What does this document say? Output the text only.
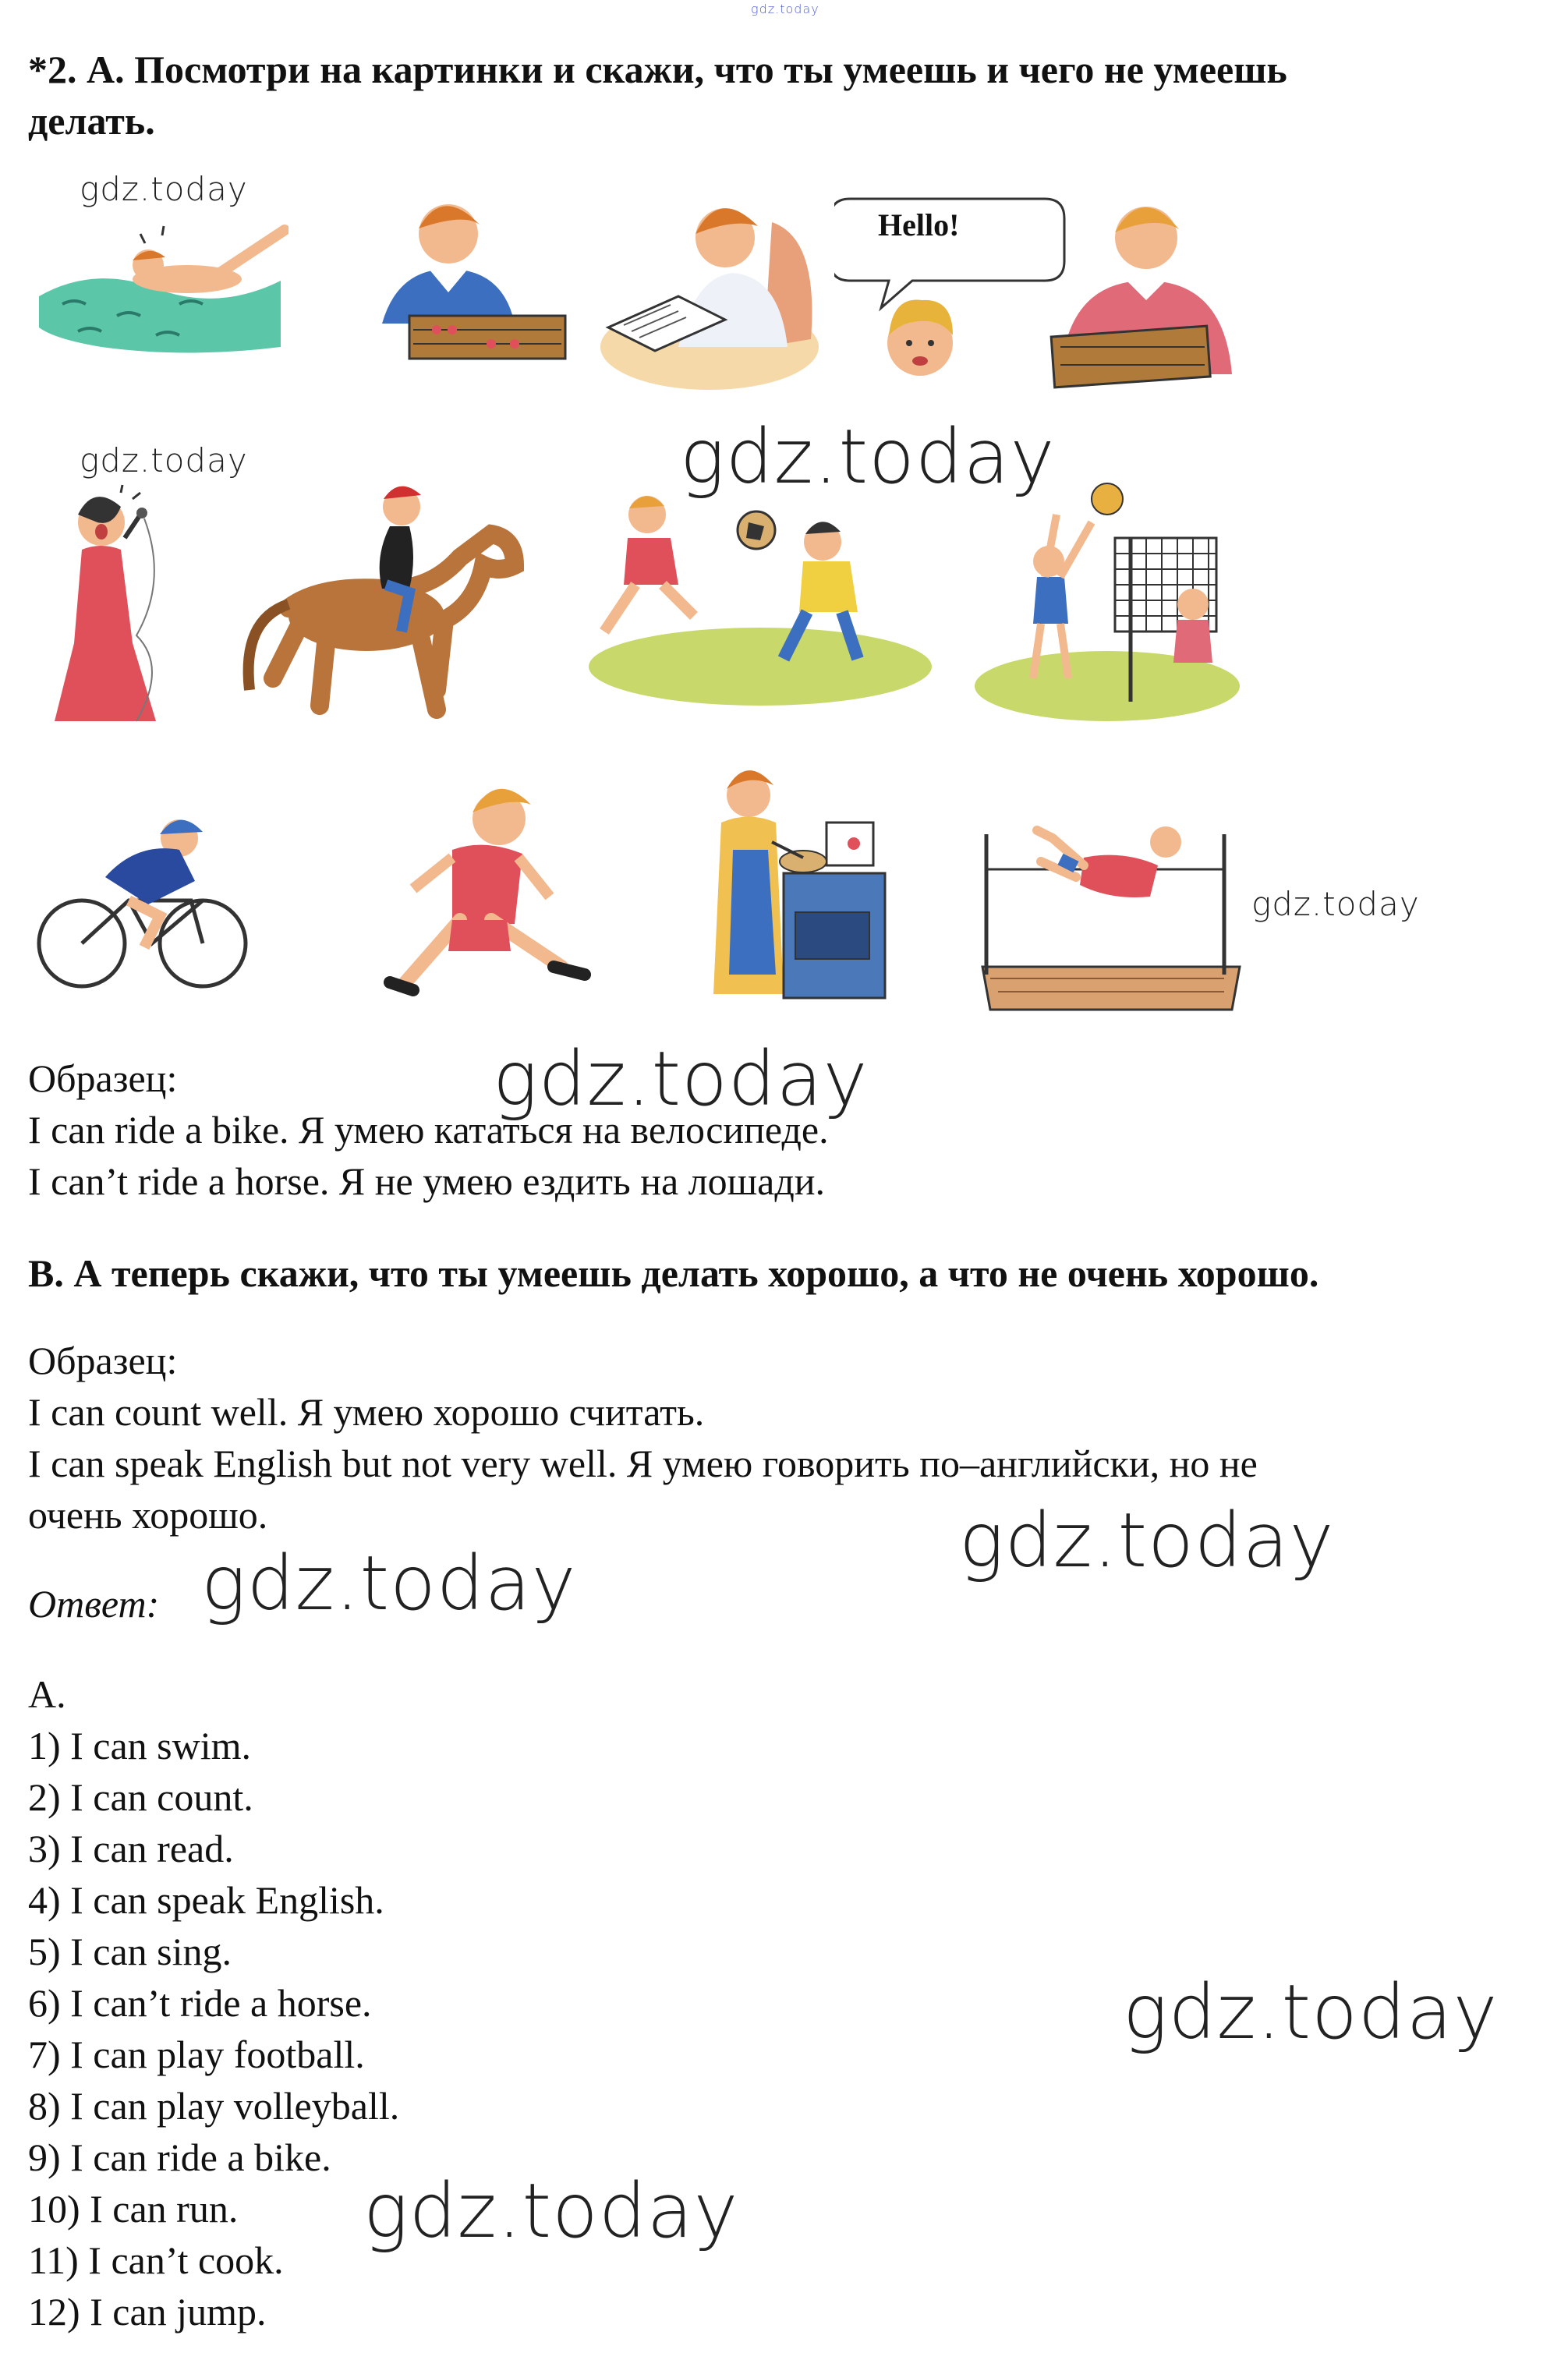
gdz.today
*2. А. Посмотри на картинки и скажи, что ты умеешь и чего не умеешь
делать.
Hello!
gdz.today
gdz.today	gdz.today
gdz.today
Образец:
I can ride a bike. Я умею кататься на велосипеде.
I can’t ride a horse. Я не умею ездить на лошади.
gdz.today
В. А теперь скажи, что ты умеешь делать хорошо, а что не очень хорошо.
Образец:
I can count well. Я умею хорошо считать.
I can speak English but not very well. Я умею говорить по–английски, но не
очень хорошо.	gdz.today
Ответ: gdz.today
А.
1) I can swim.
2) I can count.
3) I can read.
4) I can speak English.
5) I can sing.
6) I can’t ride a horse.
7) I can play football.
8) I can play volleyball.
9) I can ride a bike.
10) I can run.
11) I can’t cook.
12) I can jump.
gdz.today
gdz.today
